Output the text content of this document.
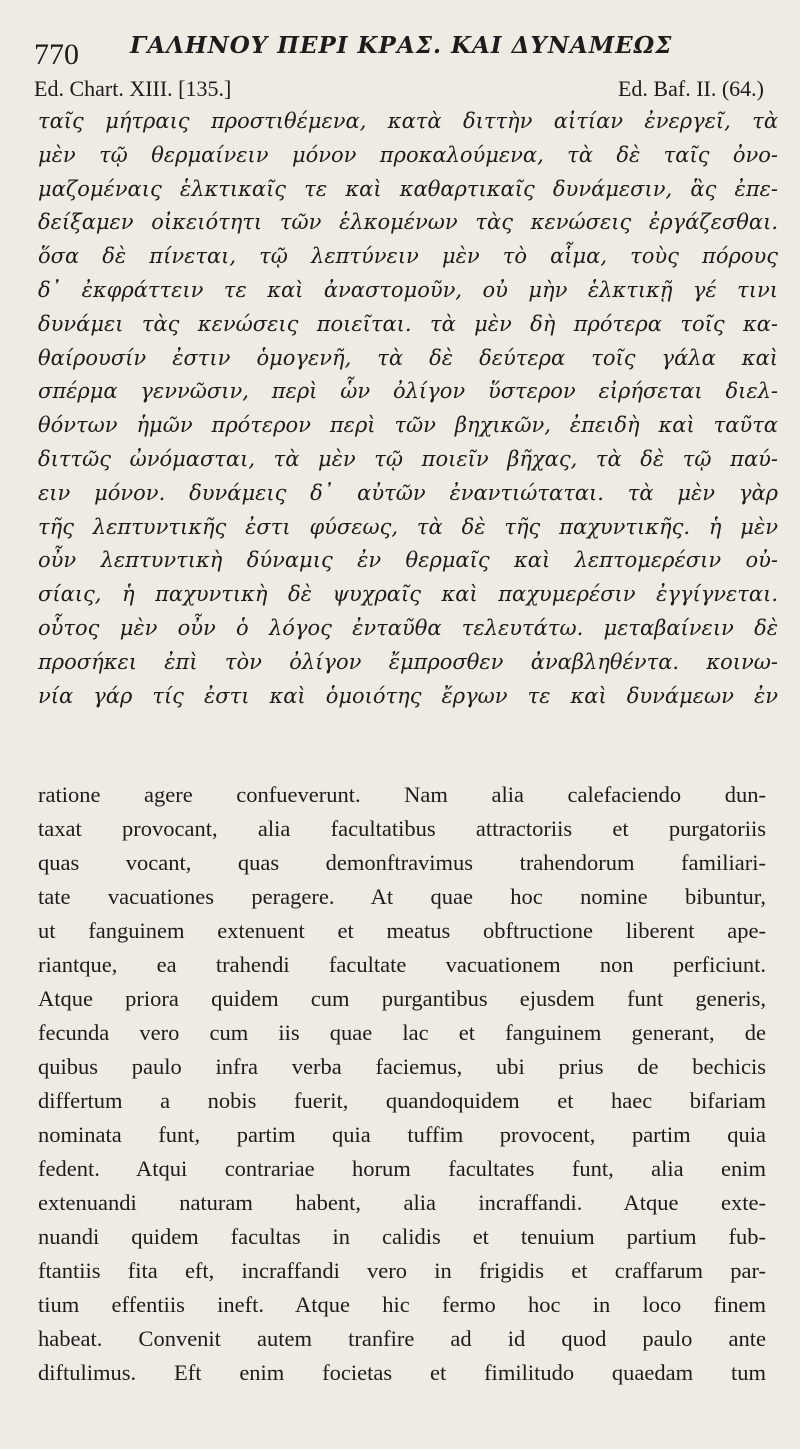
770 ΓΑΛΗΝΟΥ ΠΕΡΙ ΚΡΑΣ. ΚΑΙ ΔΥΝΑΜΕΩΣ
Ed. Chart. XIII. [135.]	Ed. Baf. II. (64.)
ταῖς μήτραις προστιθέμενα, κατὰ διττὴν αἰτίαν ἐνεργεῖ, τὰ
μὲν τῷ θερμαίνειν μόνον προκαλούμενα, τὰ δὲ ταῖς ὀνο-
μαζομέναις ἑλκτικαῖς τε καὶ καθαρτικαῖς δυνάμεσιν, ἃς ἐπε-
δείξαμεν οἰκειότητι τῶν ἑλκομένων τὰς κενώσεις ἐργάζεσθαι.
ὅσα δὲ πίνεται, τῷ λεπτύνειν μὲν τὸ αἷμα, τοὺς πόρους
δ᾽ ἐκφράττειν τε καὶ ἀναστομοῦν, οὐ μὴν ἑλκτικῇ γέ τινι
δυνάμει τὰς κενώσεις ποιεῖται. τὰ μὲν δὴ πρότερα τοῖς κα-
θαίρουσίν ἐστιν ὁμογενῆ, τὰ δὲ δεύτερα τοῖς γάλα καὶ
σπέρμα γεννῶσιν, περὶ ὧν ὀλίγον ὕστερον εἰρήσεται διελ-
θόντων ἡμῶν πρότερον περὶ τῶν βηχικῶν, ἐπειδὴ καὶ ταῦτα
διττῶς ὠνόμασται, τὰ μὲν τῷ ποιεῖν βῆχας, τὰ δὲ τῷ παύ-
ειν μόνον. δυνάμεις δ᾽ αὐτῶν ἐναντιώταται. τὰ μὲν γὰρ
τῆς λεπτυντικῆς ἐστι φύσεως, τὰ δὲ τῆς παχυντικῆς. ἡ μὲν
οὖν λεπτυντικὴ δύναμις ἐν θερμαῖς καὶ λεπτομερέσιν οὐ-
σίαις, ἡ παχυντικὴ δὲ ψυχραῖς καὶ παχυμερέσιν ἐγγίγνεται.
οὗτος μὲν οὖν ὁ λόγος ἐνταῦθα τελευτάτω. μεταβαίνειν δὲ
προσήκει ἐπὶ τὸν ὀλίγον ἔμπροσθεν ἀναβληθέντα. κοινω-
νία γάρ τίς ἐστι καὶ ὁμοιότης ἔργων τε καὶ δυνάμεων ἐν
ratione agere confueverunt. Nam alia calefaciendo dun-
taxat provocant, alia facultatibus attractoriis et purgatoriis
quas vocant, quas demonftravimus trahendorum familiari-
tate vacuationes peragere. At quae hoc nomine bibuntur,
ut fanguinem extenuent et meatus obftructione liberent ape-
riantque, ea trahendi facultate vacuationem non perficiunt.
Atque priora quidem cum purgantibus ejusdem funt generis,
fecunda vero cum iis quae lac et fanguinem generant, de
quibus paulo infra verba faciemus, ubi prius de bechicis
differtum a nobis fuerit, quandoquidem et haec bifariam
nominata funt, partim quia tuffim provocent, partim quia
fedent. Atqui contrariae horum facultates funt, alia enim
extenuandi naturam habent, alia incraffandi. Atque exte-
nuandi quidem facultas in calidis et tenuium partium fub-
ftantiis fita eft, incraffandi vero in frigidis et craffarum par-
tium effentiis ineft. Atque hic fermo hoc in loco finem
habeat. Convenit autem tranfire ad id quod paulo ante
diftulimus. Eft enim focietas et fimilitudo quaedam tum
